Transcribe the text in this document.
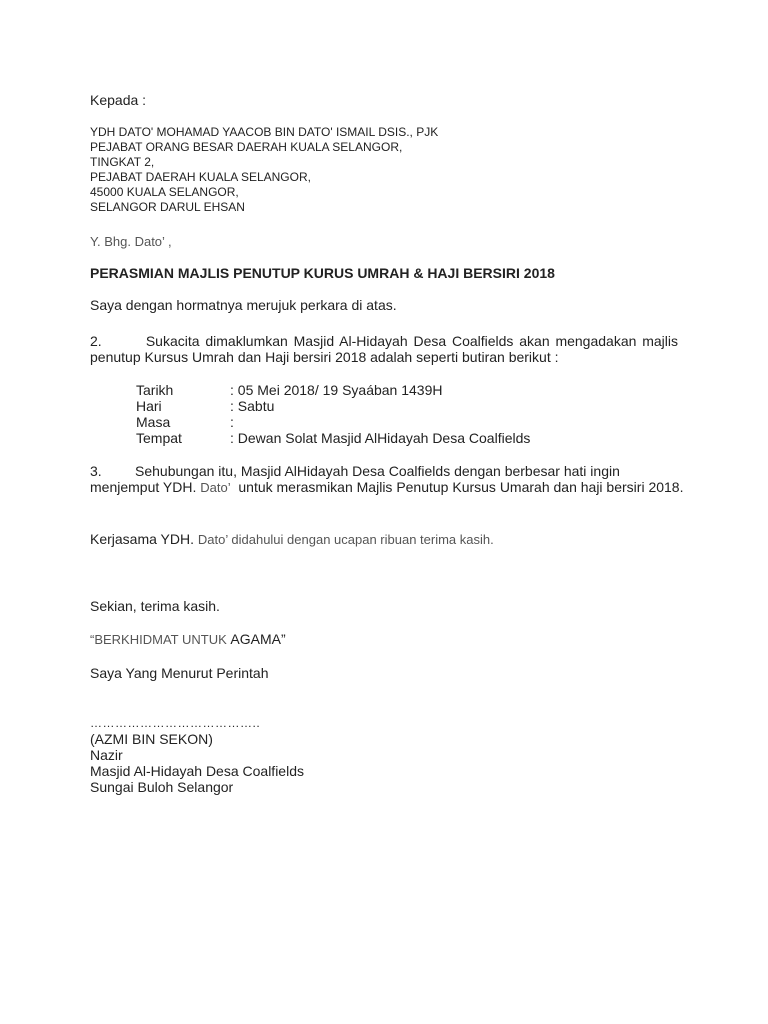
Kepada :

YDH DATO' MOHAMAD YAACOB BIN DATO' ISMAIL DSIS., PJK
PEJABAT ORANG BESAR DAERAH KUALA SELANGOR,
TINGKAT 2,
PEJABAT DAERAH KUALA SELANGOR,
45000 KUALA SELANGOR,
SELANGOR DARUL EHSAN

Y. Bhg. Dato’ ,

PERASMIAN MAJLIS PENUTUP KURUS UMRAH & HAJI BERSIRI 2018

Saya dengan hormatnya merujuk perkara di atas.

2.	Sukacita dimaklumkan Masjid Al-Hidayah Desa Coalfields akan mengadakan majlis penutup Kursus Umrah dan Haji bersiri 2018 adalah seperti butiran berikut :

Tarikh	: 05 Mei 2018/ 19 Syaában 1439H
Hari	: Sabtu
Masa	:
Tempat	: Dewan Solat Masjid AlHidayah Desa Coalfields

3. Sehubungan itu, Masjid AlHidayah Desa Coalfields dengan berbesar hati ingin menjemput YDH. Dato’ untuk merasmikan Majlis Penutup Kursus Umarah dan haji bersiri 2018.

Kerjasama YDH. Dato’ didahului dengan ucapan ribuan terima kasih.

Sekian, terima kasih.

“BERKHIDMAT UNTUK AGAMA”

Saya Yang Menurut Perintah

…………………………………..
(AZMI BIN SEKON)
Nazir
Masjid Al-Hidayah Desa Coalfields
Sungai Buloh Selangor
